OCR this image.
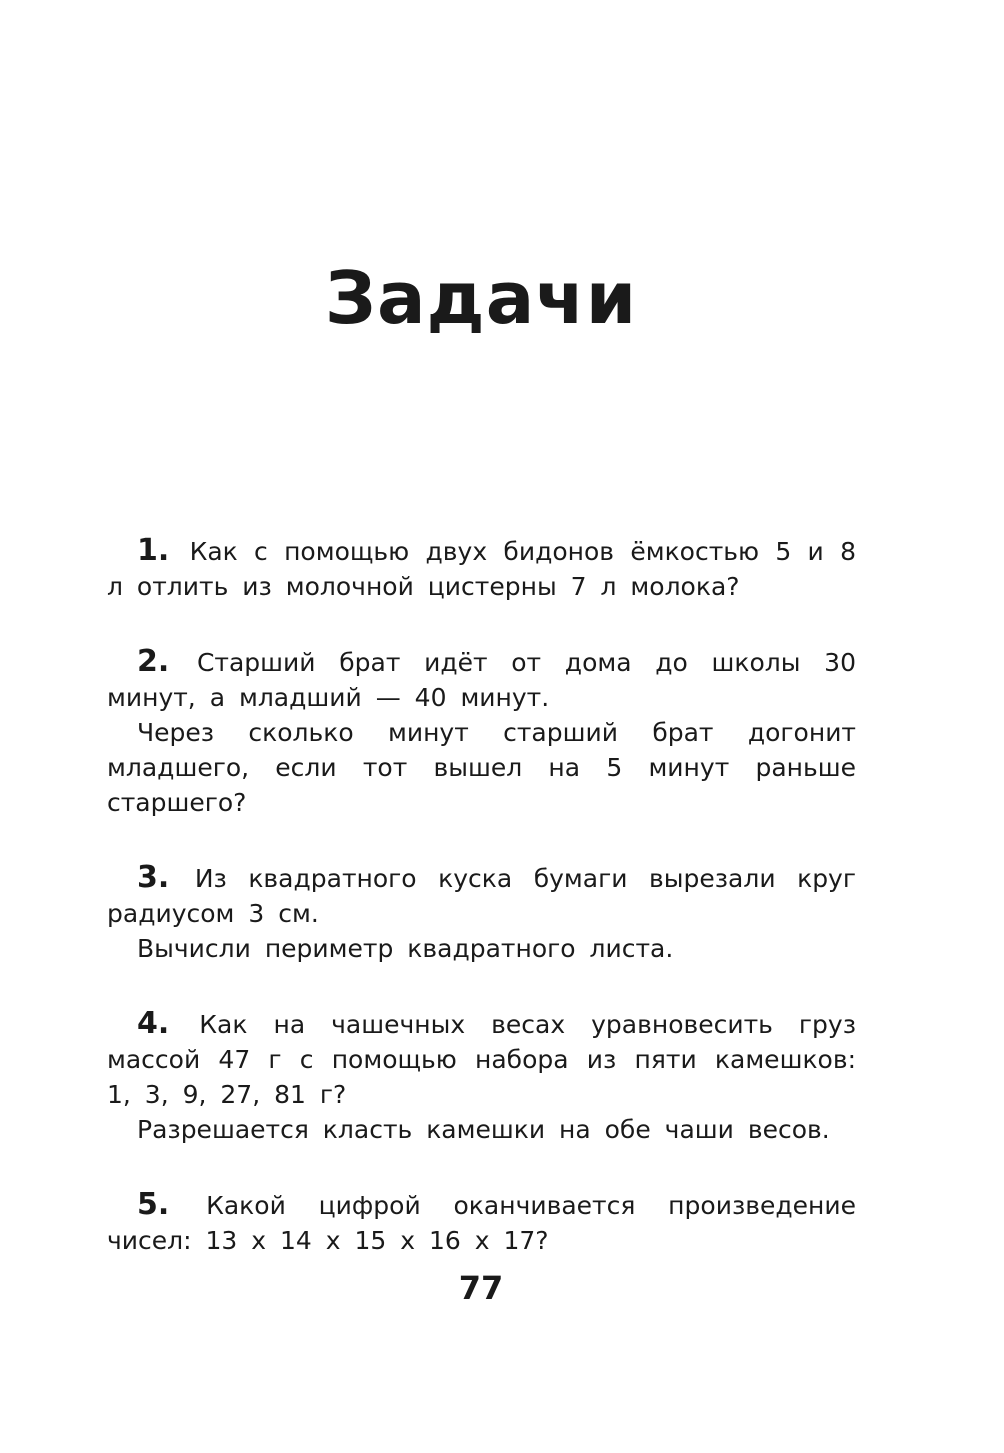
Задачи

1. Как с помощью двух бидонов ёмкостью 5 и 8 л отлить из молочной цистерны 7 л молока?

2. Старший брат идёт от дома до школы 30 минут, а младший — 40 минут.

Через сколько минут старший брат догонит младшего, если тот вышел на 5 минут раньше старшего?

3. Из квадратного куска бумаги вырезали круг радиусом 3 см.

Вычисли периметр квадратного листа.

4. Как на чашечных весах уравновесить груз массой 47 г с помощью набора из пяти камешков: 1, 3, 9, 27, 81 г?

Разрешается класть камешки на обе чаши весов.

5. Какой цифрой оканчивается произведение чисел: 13 х 14 х 15 х 16 х 17?

77
